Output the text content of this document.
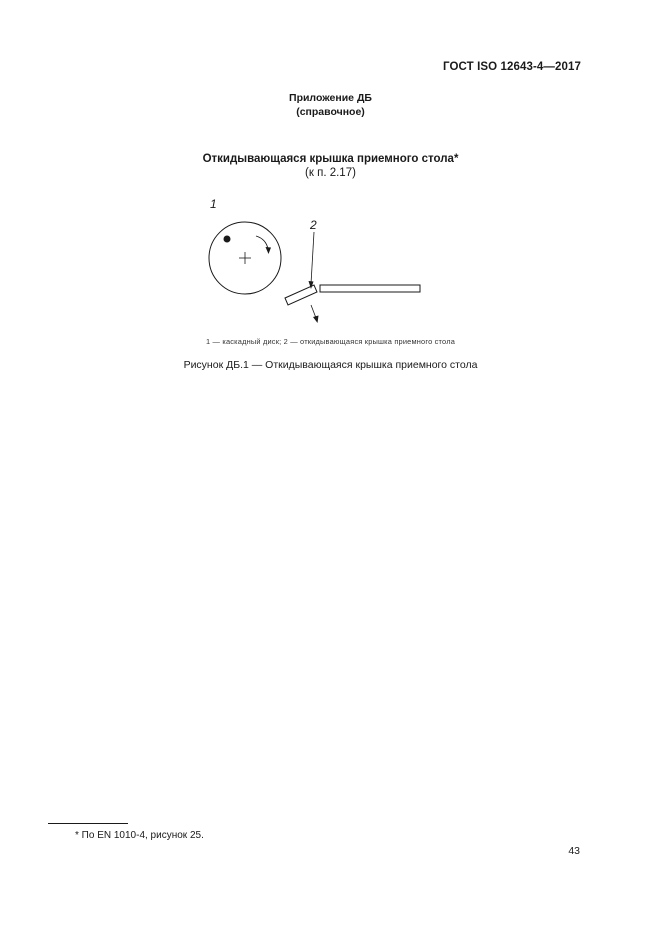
ГОСТ ISO 12643-4—2017
Приложение ДБ
(справочное)
Откидывающаяся крышка приемного стола*
(к п. 2.17)
1
2
1 — каскадный диск; 2 — откидывающаяся крышка приемного стола
Рисунок ДБ.1 — Откидывающаяся крышка приемного стола
* По EN 1010-4, рисунок 25.
43
